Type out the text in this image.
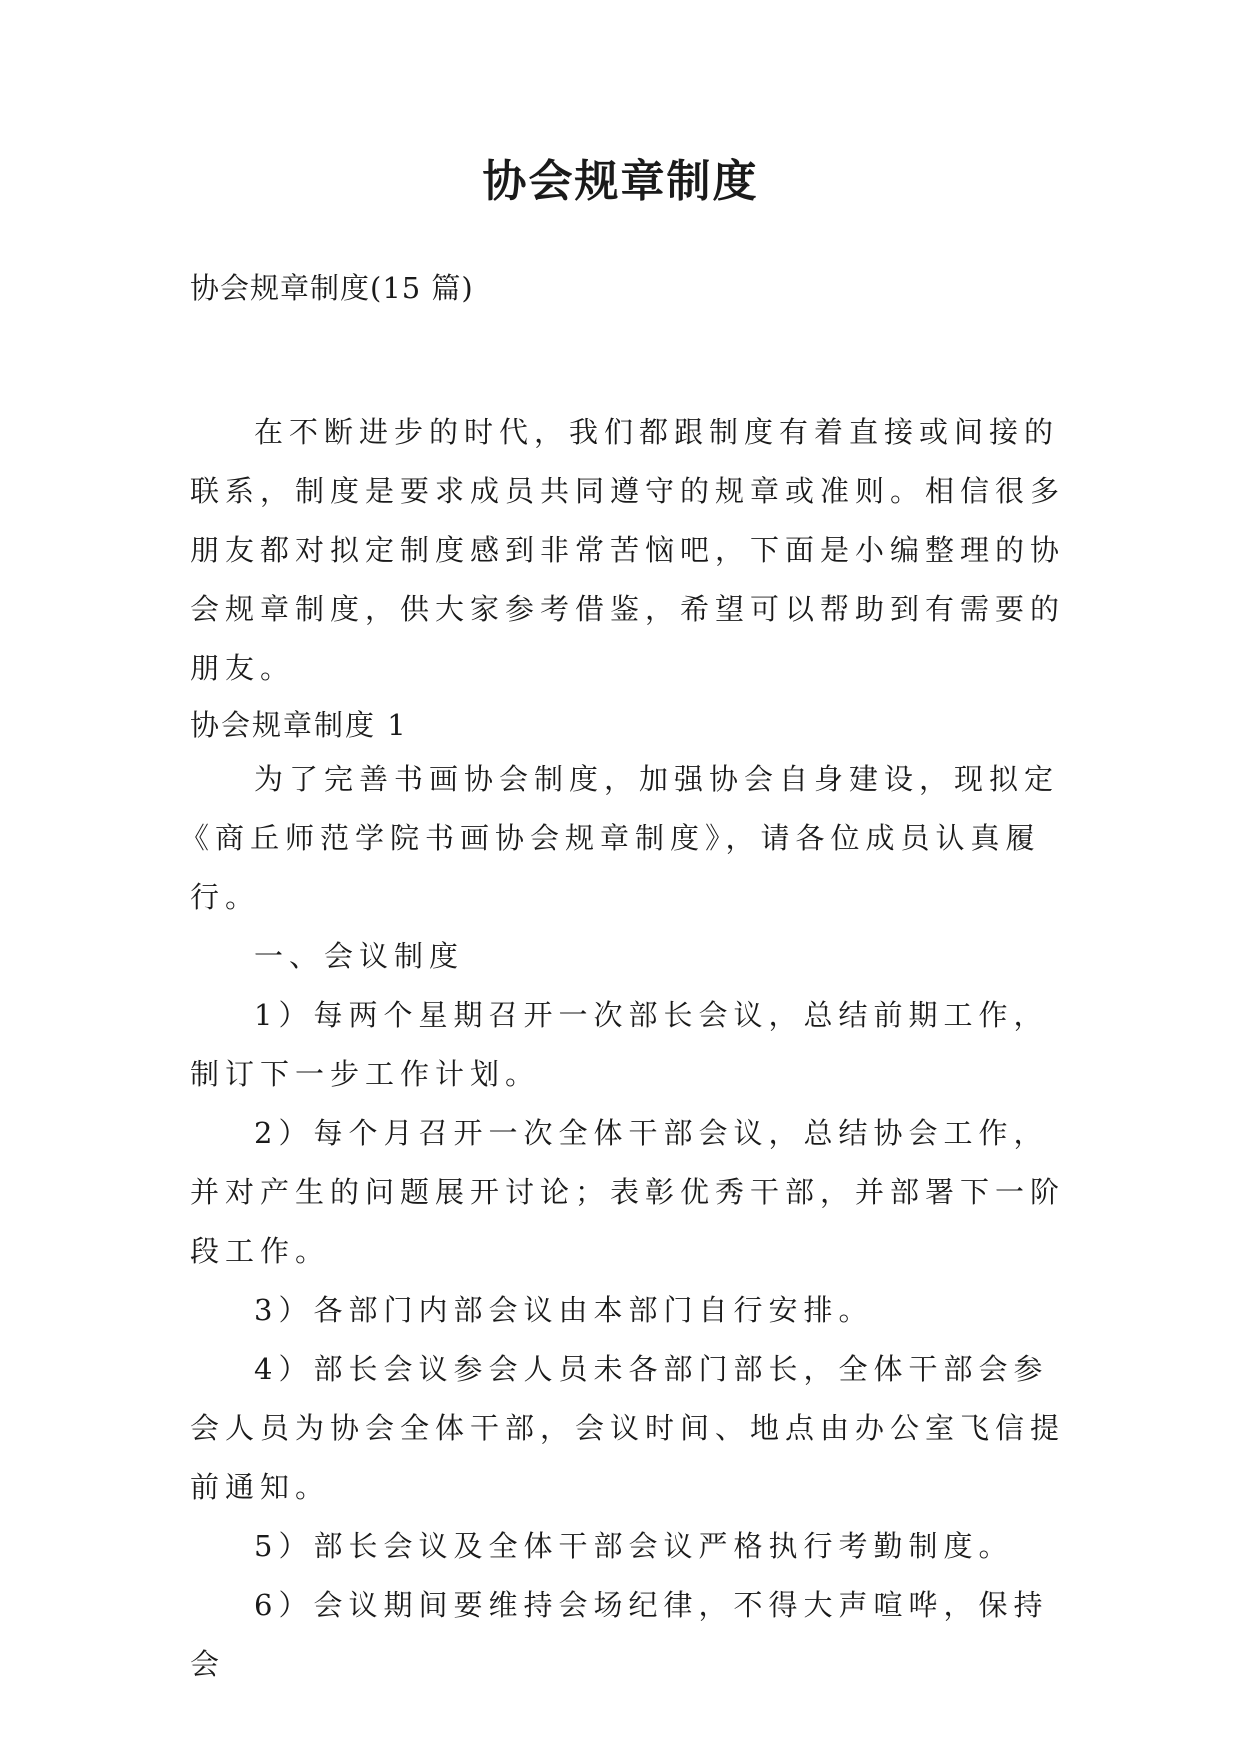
协会规章制度

协会规章制度(15 篇)

在不断进步的时代，我们都跟制度有着直接或间接的联系，制度是要求成员共同遵守的规章或准则。相信很多朋友都对拟定制度感到非常苦恼吧，下面是小编整理的协会规章制度，供大家参考借鉴，希望可以帮助到有需要的朋友。

协会规章制度 1

为了完善书画协会制度，加强协会自身建设，现拟定

《商丘师范学院书画协会规章制度》，请各位成员认真履行。

一、会议制度

1）每两个星期召开一次部长会议，总结前期工作，制订下一步工作计划。

2）每个月召开一次全体干部会议，总结协会工作，并对产生的问题展开讨论；表彰优秀干部，并部署下一阶段工作。

3）各部门内部会议由本部门自行安排。

4）部长会议参会人员未各部门部长，全体干部会参会人员为协会全体干部，会议时间、地点由办公室飞信提前通知。

5）部长会议及全体干部会议严格执行考勤制度。

6）会议期间要维持会场纪律，不得大声喧哗，保持会
